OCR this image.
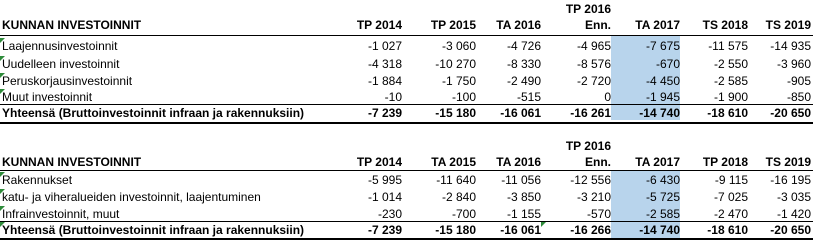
TP 2016
KUNNAN INVESTOINNIT	TP 2014	TP 2015	TA 2016	Enn.	TA 2017	TS 2018	TS 2019
Laajennusinvestoinnit	-1 027	-3 060	-4 726	-4 965	-7 675	-11 575	-14 935
Uudelleen investoinnit	-4 318	-10 270	-8 330	-8 576	-670	-2 550	-3 960
Peruskorjausinvestoinnit	-1 884	-1 750	-2 490	-2 720	-4 450	-2 585	-905
Muut investoinnit	-10	-100	-515	0	-1 945	-1 900	-850
Yhteensä (Bruttoinvestoinnit infraan ja rakennuksiin)	-7 239	-15 180	-16 061	-16 261	-14 740	-18 610	-20 650
TP 2016
KUNNAN INVESTOINNIT	TP 2014	TA 2015	TA 2016	Enn.	TA 2017	TP 2018	TS 2019
Rakennukset	-5 995	-11 640	-11 056	-12 556	-6 430	-9 115	-16 195
katu- ja viheralueiden investoinnit, laajentuminen	-1 014	-2 840	-3 850	-3 210	-5 725	-7 025	-3 035
Infrainvestoinnit, muut	-230	-700	-1 155	-570	-2 585	-2 470	-1 420
Yhteensä (Bruttoinvestoinnit infraan ja rakennuksiin)	-7 239	-15 180	-16 061	-16 266	-14 740	-18 610	-20 650
